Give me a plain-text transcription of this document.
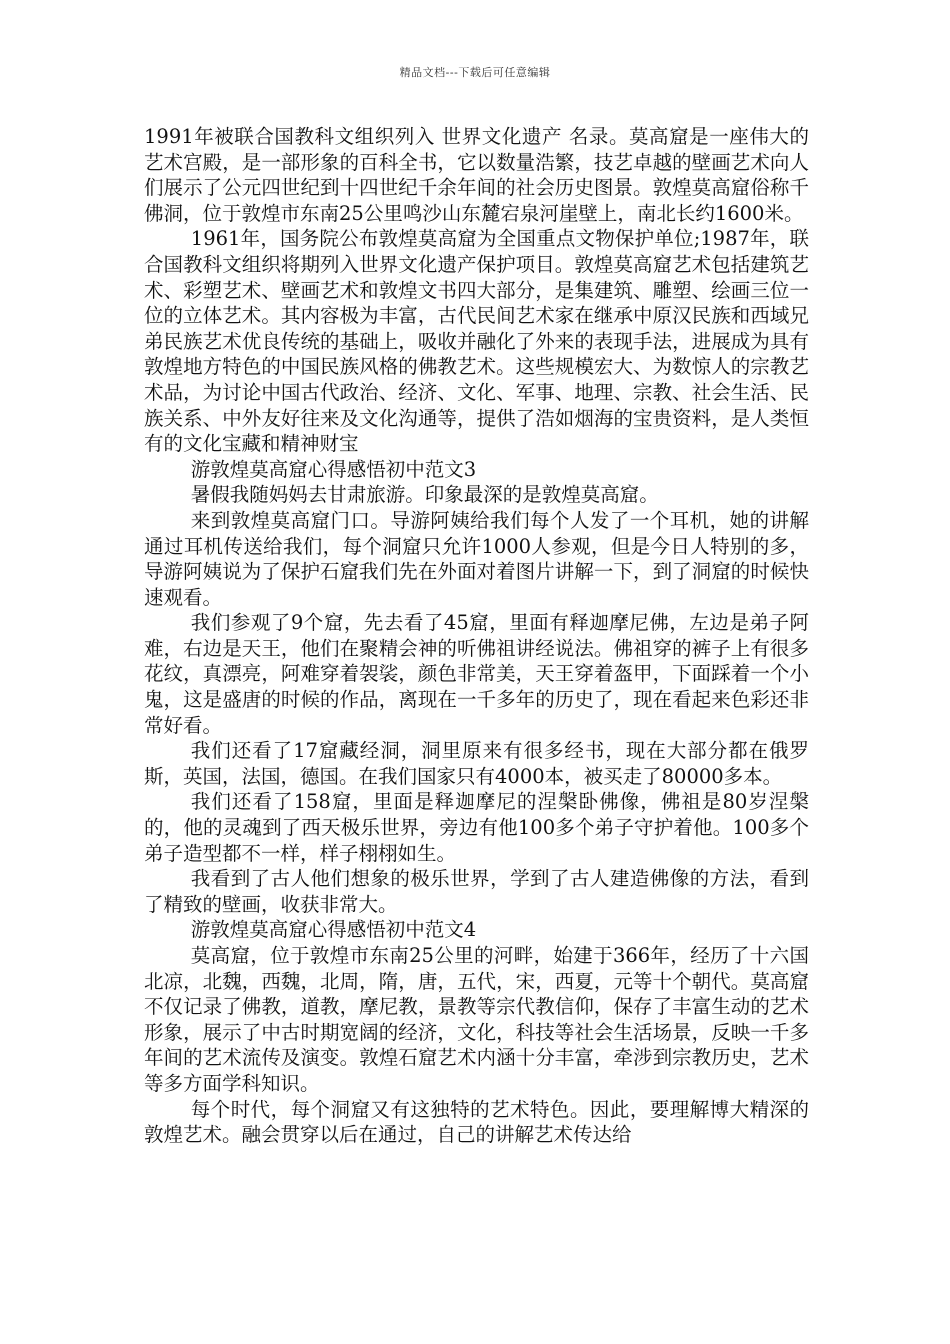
精品文档---下载后可任意编辑

1991年被联合国教科文组织列入 世界文化遗产 名录。莫高窟是一座伟大的艺术宫殿，是一部形象的百科全书，它以数量浩繁，技艺卓越的壁画艺术向人们展示了公元四世纪到十四世纪千余年间的社会历史图景。敦煌莫高窟俗称千佛洞，位于敦煌市东南25公里鸣沙山东麓宕泉河崖壁上，南北长约1600米。

1961年，国务院公布敦煌莫高窟为全国重点文物保护单位;1987年，联合国教科文组织将期列入世界文化遗产保护项目。敦煌莫高窟艺术包括建筑艺术、彩塑艺术、壁画艺术和敦煌文书四大部分，是集建筑、雕塑、绘画三位一位的立体艺术。其内容极为丰富，古代民间艺术家在继承中原汉民族和西域兄弟民族艺术优良传统的基础上，吸收并融化了外来的表现手法，进展成为具有敦煌地方特色的中国民族风格的佛教艺术。这些规模宏大、为数惊人的宗教艺术品，为讨论中国古代政治、经济、文化、军事、地理、宗教、社会生活、民族关系、中外友好往来及文化沟通等，提供了浩如烟海的宝贵资料，是人类恒有的文化宝藏和精神财宝

游敦煌莫高窟心得感悟初中范文3

暑假我随妈妈去甘肃旅游。印象最深的是敦煌莫高窟。

来到敦煌莫高窟门口。导游阿姨给我们每个人发了一个耳机，她的讲解通过耳机传送给我们，每个洞窟只允许1000人参观，但是今日人特别的多，导游阿姨说为了保护石窟我们先在外面对着图片讲解一下，到了洞窟的时候快速观看。

我们参观了9个窟，先去看了45窟，里面有释迦摩尼佛，左边是弟子阿难，右边是天王，他们在聚精会神的听佛祖讲经说法。佛祖穿的裤子上有很多花纹，真漂亮，阿难穿着袈裟，颜色非常美，天王穿着盔甲，下面踩着一个小鬼，这是盛唐的时候的作品，离现在一千多年的历史了，现在看起来色彩还非常好看。

我们还看了17窟藏经洞，洞里原来有很多经书，现在大部分都在俄罗斯，英国，法国，德国。在我们国家只有4000本，被买走了80000多本。

我们还看了158窟，里面是释迦摩尼的涅槃卧佛像，佛祖是80岁涅槃的，他的灵魂到了西天极乐世界，旁边有他100多个弟子守护着他。100多个弟子造型都不一样，样子栩栩如生。

我看到了古人他们想象的极乐世界，学到了古人建造佛像的方法，看到了精致的壁画，收获非常大。

游敦煌莫高窟心得感悟初中范文4

莫高窟，位于敦煌市东南25公里的河畔，始建于366年，经历了十六国北凉，北魏，西魏，北周，隋，唐，五代，宋，西夏，元等十个朝代。莫高窟不仅记录了佛教，道教，摩尼教，景教等宗代教信仰，保存了丰富生动的艺术形象，展示了中古时期宽阔的经济，文化，科技等社会生活场景，反映一千多年间的艺术流传及演变。敦煌石窟艺术内涵十分丰富，牵涉到宗教历史，艺术等多方面学科知识。

每个时代，每个洞窟又有这独特的艺术特色。因此，要理解博大精深的敦煌艺术。融会贯穿以后在通过，自己的讲解艺术传达给
